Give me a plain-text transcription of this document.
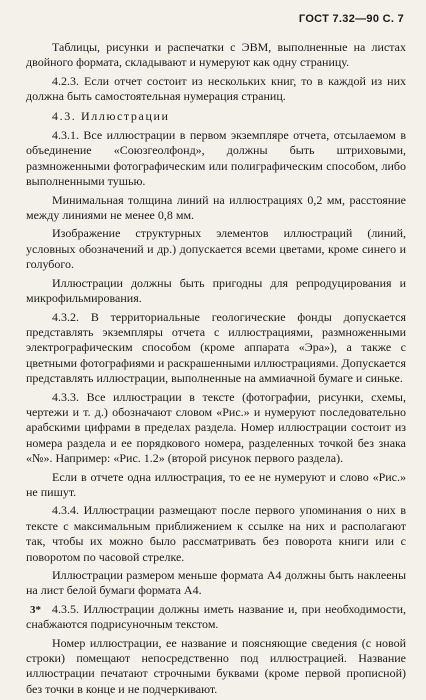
ГОСТ 7.32—90 С. 7

Таблицы, рисунки и распечатки с ЭВМ, выполненные на листах двойного формата, складывают и нумеруют как одну страницу.

4.2.3. Если отчет состоит из нескольких книг, то в каждой из них должна быть самостоятельная нумерация страниц.

4.3. Иллюстрации

4.3.1. Все иллюстрации в первом экземпляре отчета, отсылаемом в объединение «Союзгеолфонд», должны быть штриховыми, размноженными фотографическим или полиграфическим способом, либо выполненными тушью.

Минимальная толщина линий на иллюстрациях 0,2 мм, расстояние между линиями не менее 0,8 мм.

Изображение структурных элементов иллюстраций (линий, условных обозначений и др.) допускается всеми цветами, кроме синего и голубого.

Иллюстрации должны быть пригодны для репродуцирования и микрофильмирования.

4.3.2. В территориальные геологические фонды допускается представлять экземпляры отчета с иллюстрациями, размноженными электрографическим способом (кроме аппарата «Эра»), а также с цветными фотографиями и раскрашенными иллюстрациями. Допускается представлять иллюстрации, выполненные на аммиачной бумаге и синьке.

4.3.3. Все иллюстрации в тексте (фотографии, рисунки, схемы, чертежи и т. д.) обозначают словом «Рис.» и нумеруют последовательно арабскими цифрами в пределах раздела. Номер иллюстрации состоит из номера раздела и ее порядкового номера, разделенных точкой без знака «№». Например: «Рис. 1.2» (второй рисунок первого раздела).

Если в отчете одна иллюстрация, то ее не нумеруют и слово «Рис.» не пишут.

4.3.4. Иллюстрации размещают после первого упоминания о них в тексте с максимальным приближением к ссылке на них и располагают так, чтобы их можно было рассматривать без поворота книги или с поворотом по часовой стрелке.

Иллюстрации размером меньше формата А4 должны быть наклеены на лист белой бумаги формата А4.

4.3.5. Иллюстрации должны иметь название и, при необходимости, снабжаются подрисуночным текстом.

Номер иллюстрации, ее название и поясняющие сведения (с новой строки) помещают непосредственно под иллюстрацией. Название иллюстрации печатают строчными буквами (кроме первой прописной) без точки в конце и не подчеркивают.

3*
